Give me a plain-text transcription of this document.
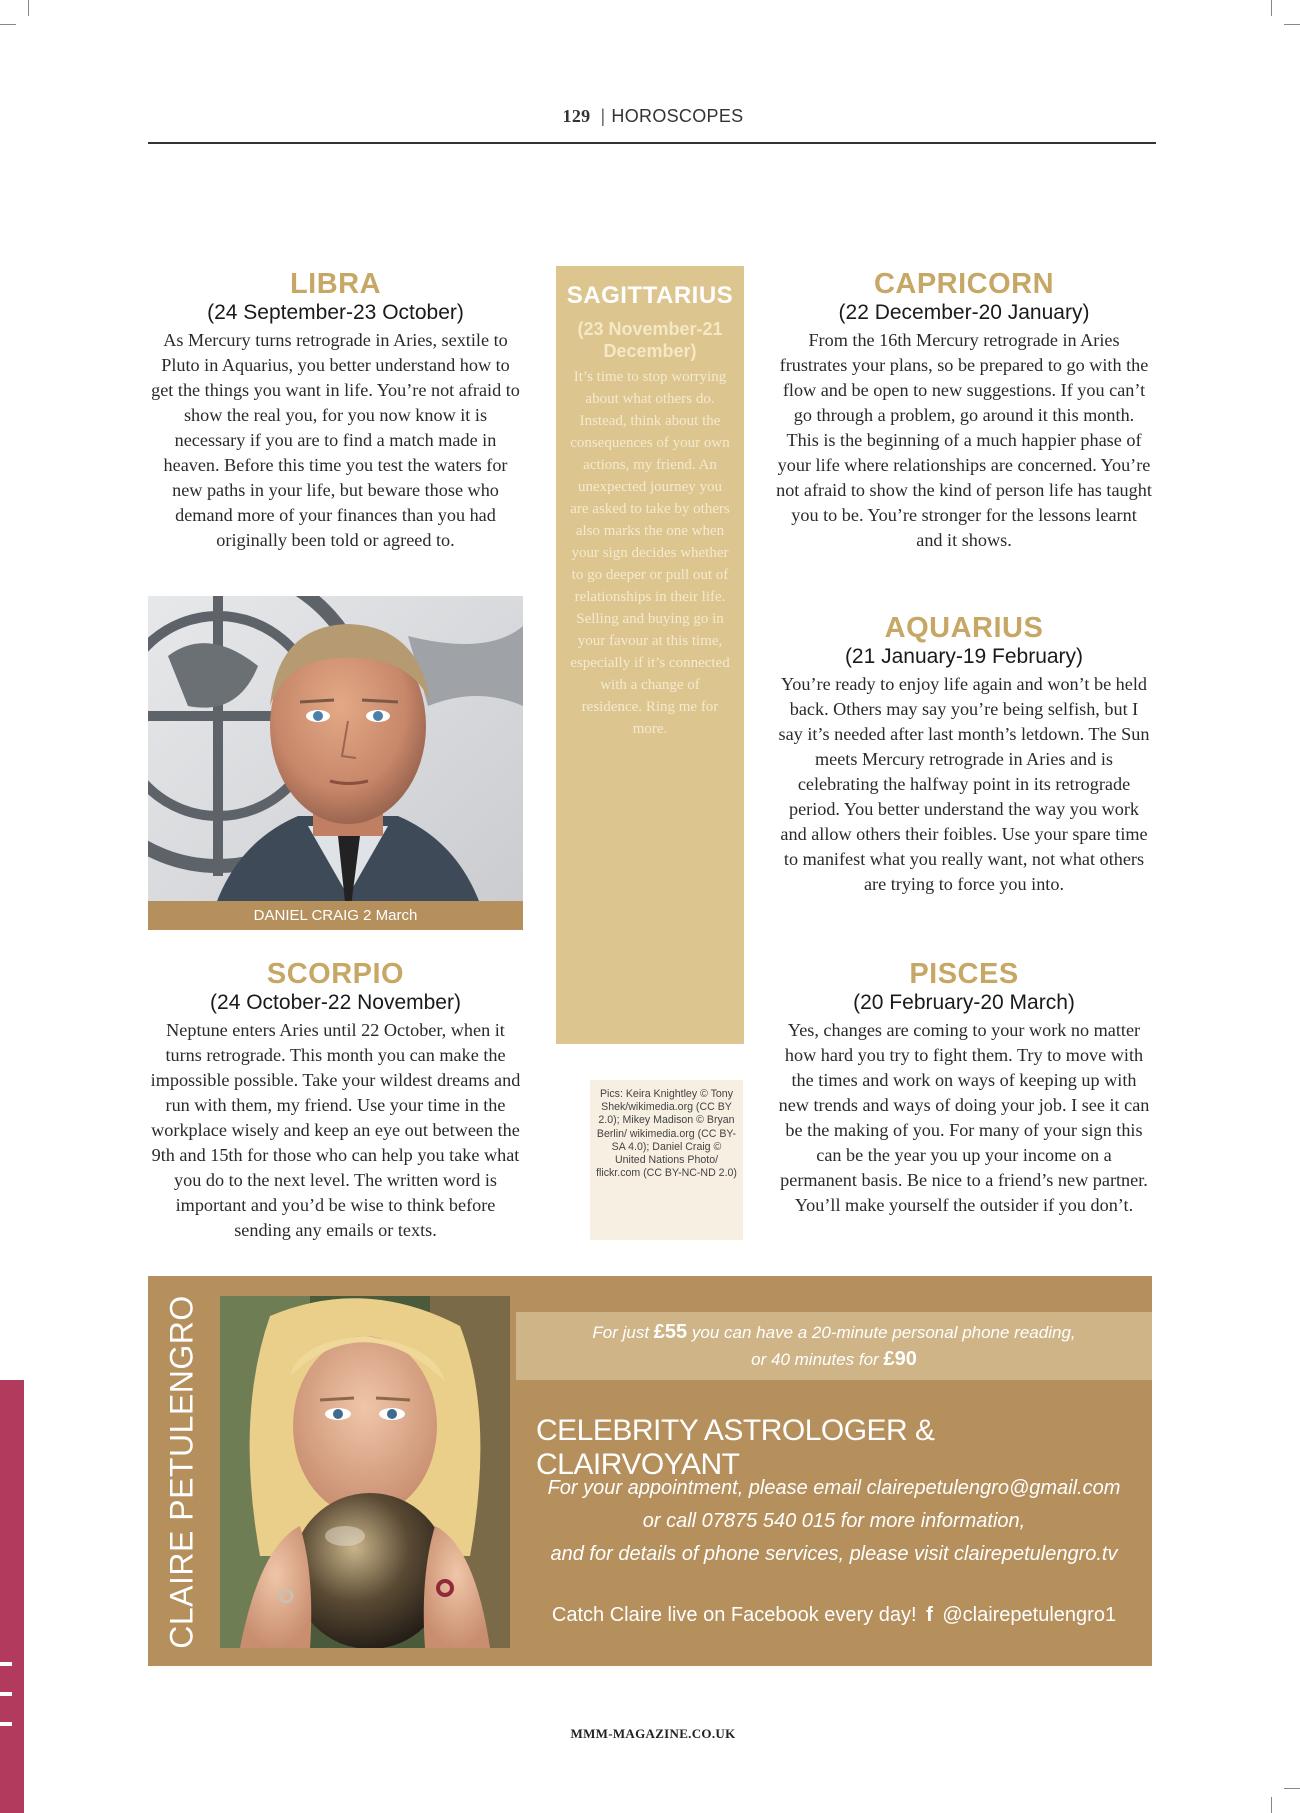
129 | HOROSCOPES
LIBRA
(24 September-23 October)
As Mercury turns retrograde in Aries, sextile to Pluto in Aquarius, you better understand how to get the things you want in life. You’re not afraid to show the real you, for you now know it is necessary if you are to find a match made in heaven. Before this time you test the waters for new paths in your life, but beware those who demand more of your finances than you had originally been told or agreed to.
DANIEL CRAIG 2 March
SCORPIO
(24 October-22 November)
Neptune enters Aries until 22 October, when it turns retrograde. This month you can make the impossible possible. Take your wildest dreams and run with them, my friend. Use your time in the workplace wisely and keep an eye out between the 9th and 15th for those who can help you take what you do to the next level. The written word is important and you’d be wise to think before sending any emails or texts.
SAGITTARIUS
(23 November-21 December)
It’s time to stop worrying about what others do. Instead, think about the consequences of your own actions, my friend. An unexpected journey you are asked to take by others also marks the one when your sign decides whether to go deeper or pull out of relationships in their life. Selling and buying go in your favour at this time, especially if it’s connected with a change of residence. Ring me for more.
Pics: Keira Knightley © Tony Shek/wikimedia.org (CC BY 2.0); Mikey Madison © Bryan Berlin/ wikimedia.org (CC BY-SA 4.0); Daniel Craig © United Nations Photo/ flickr.com (CC BY-NC-ND 2.0)
CAPRICORN
(22 December-20 January)
From the 16th Mercury retrograde in Aries frustrates your plans, so be prepared to go with the flow and be open to new suggestions. If you can’t go through a problem, go around it this month. This is the beginning of a much happier phase of your life where relationships are concerned. You’re not afraid to show the kind of person life has taught you to be. You’re stronger for the lessons learnt and it shows.
AQUARIUS
(21 January-19 February)
You’re ready to enjoy life again and won’t be held back. Others may say you’re being selfish, but I say it’s needed after last month’s letdown. The Sun meets Mercury retrograde in Aries and is celebrating the halfway point in its retrograde period. You better understand the way you work and allow others their foibles. Use your spare time to manifest what you really want, not what others are trying to force you into.
PISCES
(20 February-20 March)
Yes, changes are coming to your work no matter how hard you try to fight them. Try to move with the times and work on ways of keeping up with new trends and ways of doing your job. I see it can be the making of you. For many of your sign this can be the year you up your income on a permanent basis. Be nice to a friend’s new partner. You’ll make yourself the outsider if you don’t.
CLAIRE PETULENGRO	For just £55 you can have a 20-minute personal phone reading,
or 40 minutes for £90
CELEBRITY ASTROLOGER & CLAIRVOYANT
For your appointment, please email clairepetulengro@gmail.com
or call 07875 540 015 for more information,
and for details of phone services, please visit clairepetulengro.tv
Catch Claire live on Facebook every day! f @clairepetulengro1
MMM-MAGAZINE.CO.UK
